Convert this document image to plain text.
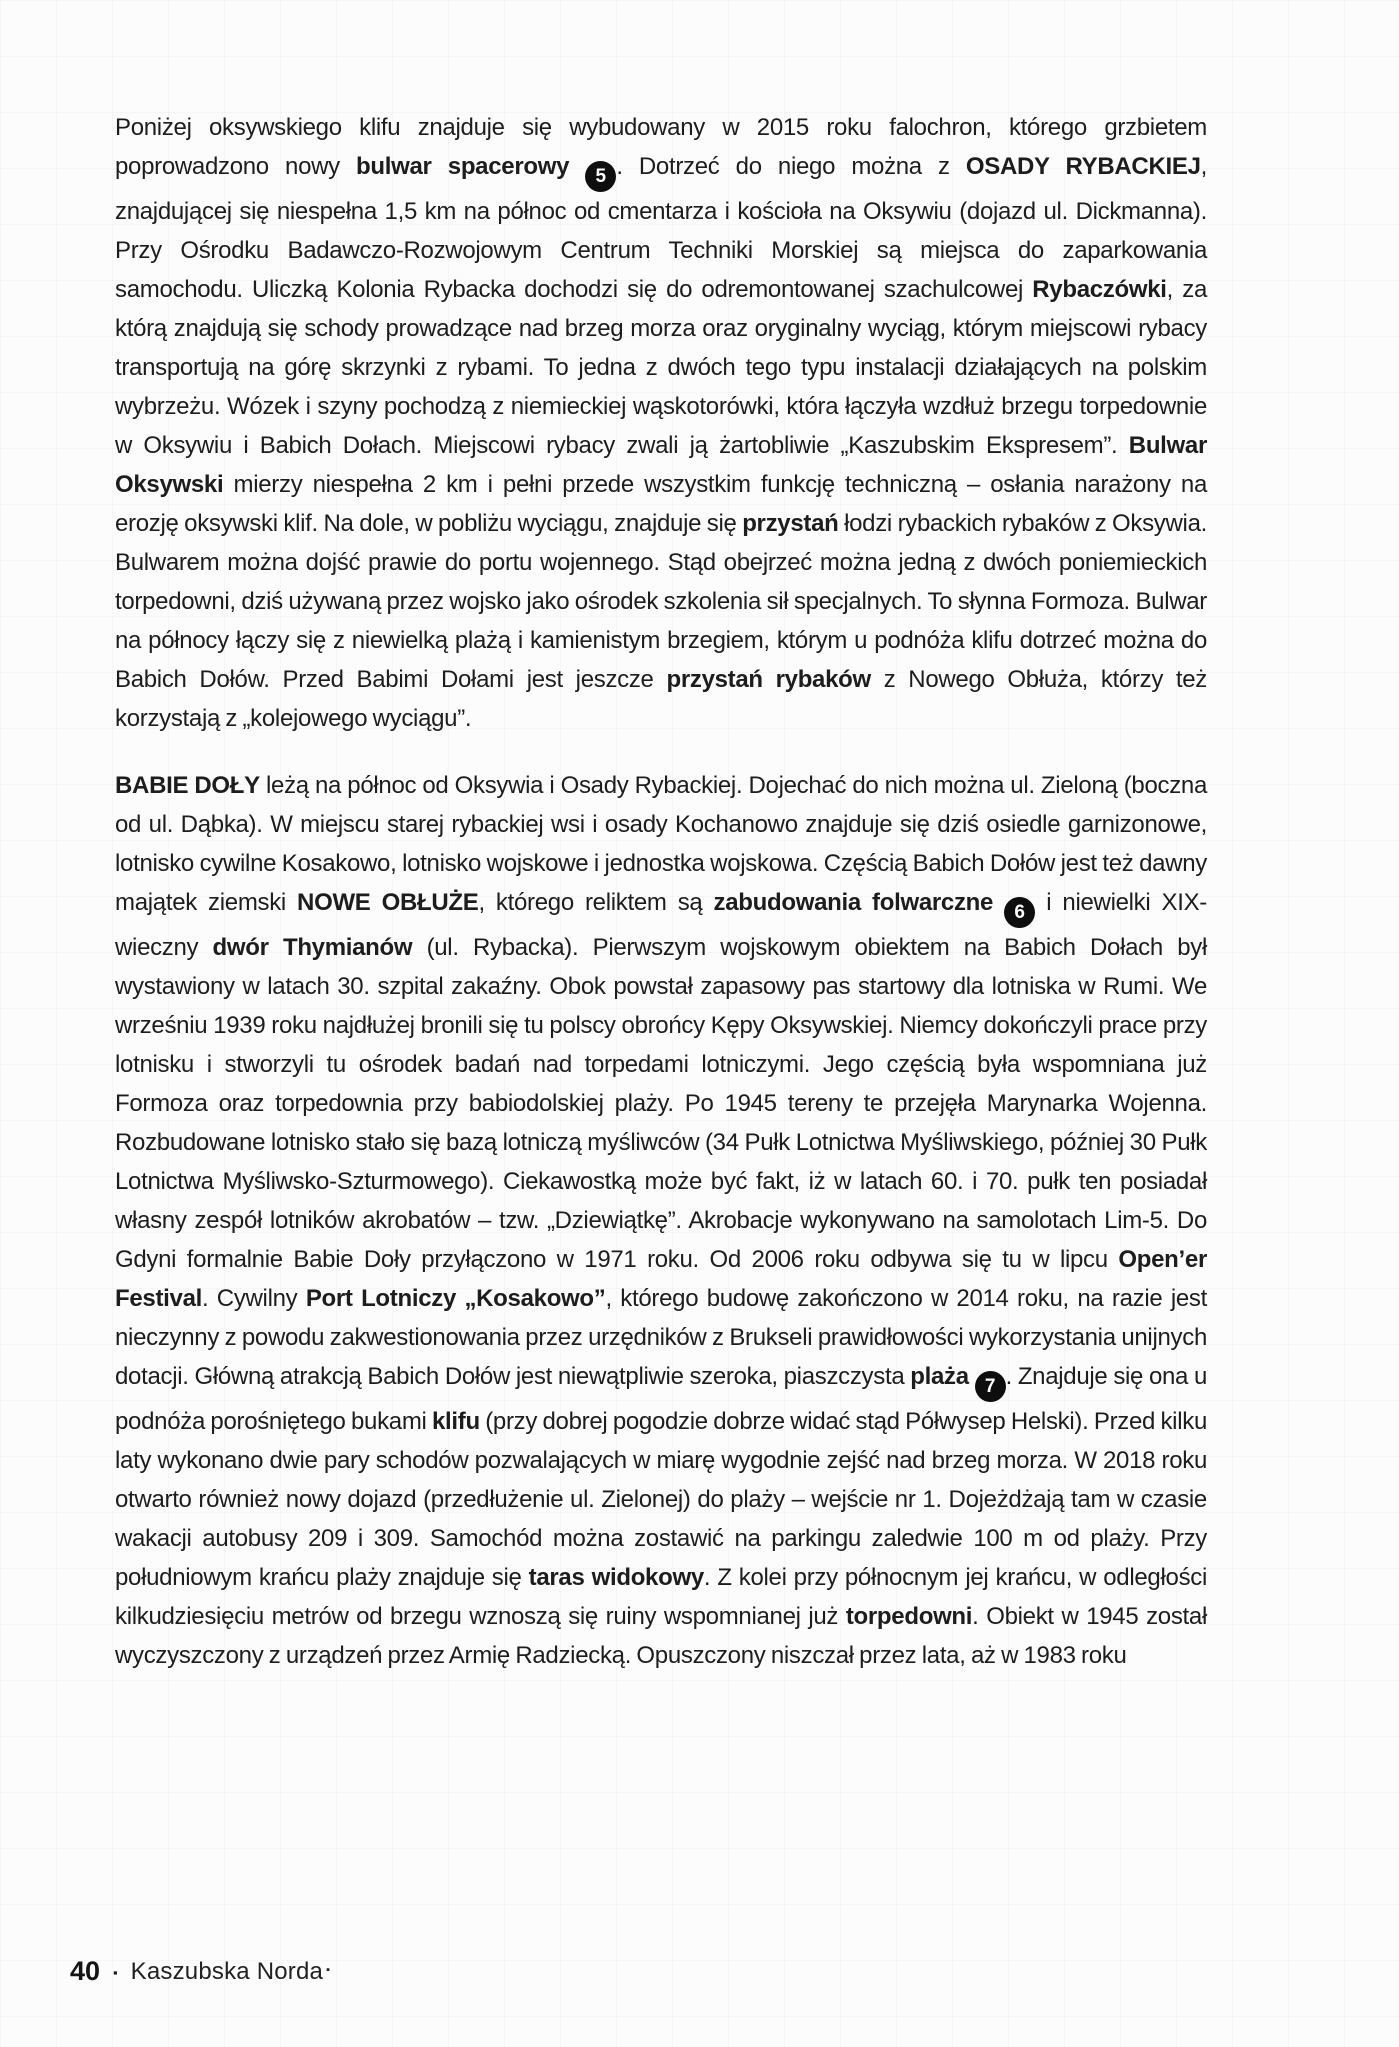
Poniżej oksywskiego klifu znajduje się wybudowany w 2015 roku falochron, którego grzbietem poprowadzono nowy bulwar spacerowy 5 . Dotrzeć do niego można z OSADY RYBACKIEJ, znajdującej się niespełna 1,5 km na północ od cmentarza i kościoła na Oksywiu (dojazd ul. Dickmanna). Przy Ośrodku Badawczo-Rozwojowym Centrum Techniki Morskiej są miejsca do zaparkowania samochodu. Uliczką Kolonia Rybacka dochodzi się do odremontowanej szachulcowej Rybaczówki, za którą znajdują się schody prowadzące nad brzeg morza oraz oryginalny wyciąg, którym miejscowi rybacy transportują na górę skrzynki z rybami. To jedna z dwóch tego typu instalacji działających na polskim wybrzeżu. Wózek i szyny pochodzą z niemieckiej wąskotorówki, która łączyła wzdłuż brzegu torpedownie w Oksywiu i Babich Dołach. Miejscowi rybacy zwali ją żartobliwie „Kaszubskim Ekspresem”. Bulwar Oksywski mierzy niespełna 2 km i pełni przede wszystkim funkcję techniczną – osłania narażony na erozję oksywski klif. Na dole, w pobliżu wyciągu, znajduje się przystań łodzi rybackich rybaków z Oksywia. Bulwarem można dojść prawie do portu wojennego. Stąd obejrzeć można jedną z dwóch poniemieckich torpedowni, dziś używaną przez wojsko jako ośrodek szkolenia sił specjalnych. To słynna Formoza. Bulwar na północy łączy się z niewielką plażą i kamienistym brzegiem, którym u podnóża klifu dotrzeć można do Babich Dołów. Przed Babimi Dołami jest jeszcze przystań rybaków z Nowego Obłuża, którzy też korzystają z „kolejowego wyciągu”.

BABIE DOŁY leżą na północ od Oksywia i Osady Rybackiej. Dojechać do nich można ul. Zieloną (boczna od ul. Dąbka). W miejscu starej rybackiej wsi i osady Kochanowo znajduje się dziś osiedle garnizonowe, lotnisko cywilne Kosakowo, lotnisko wojskowe i jednostka wojskowa. Częścią Babich Dołów jest też dawny majątek ziemski NOWE OBŁUŻE, którego reliktem są zabudowania folwarczne 6 i niewielki XIX-wieczny dwór Thymianów (ul. Rybacka). Pierwszym wojskowym obiektem na Babich Dołach był wystawiony w latach 30. szpital zakaźny. Obok powstał zapasowy pas startowy dla lotniska w Rumi. We wrześniu 1939 roku najdłużej bronili się tu polscy obrońcy Kępy Oksywskiej. Niemcy dokończyli prace przy lotnisku i stworzyli tu ośrodek badań nad torpedami lotniczymi. Jego częścią była wspomniana już Formoza oraz torpedownia przy babiodolskiej plaży. Po 1945 tereny te przejęła Marynarka Wojenna. Rozbudowane lotnisko stało się bazą lotniczą myśliwców (34 Pułk Lotnictwa Myśliwskiego, później 30 Pułk Lotnictwa Myśliwsko-Szturmowego). Ciekawostką może być fakt, iż w latach 60. i 70. pułk ten posiadał własny zespół lotników akrobatów – tzw. „Dziewiątkę”. Akrobacje wykonywano na samolotach Lim-5. Do Gdyni formalnie Babie Doły przyłączono w 1971 roku. Od 2006 roku odbywa się tu w lipcu Open’er Festival. Cywilny Port Lotniczy „Kosakowo”, którego budowę zakończono w 2014 roku, na razie jest nieczynny z powodu zakwestionowania przez urzędników z Brukseli prawidłowości wykorzystania unijnych dotacji. Główną atrakcją Babich Dołów jest niewątpliwie szeroka, piaszczysta plaża 7 . Znajduje się ona u podnóża porośniętego bukami klifu (przy dobrej pogodzie dobrze widać stąd Półwysep Helski). Przed kilku laty wykonano dwie pary schodów pozwalających w miarę wygodnie zejść nad brzeg morza. W 2018 roku otwarto również nowy dojazd (przedłużenie ul. Zielonej) do plaży – wejście nr 1. Dojeżdżają tam w czasie wakacji autobusy 209 i 309. Samochód można zostawić na parkingu zaledwie 100 m od plaży. Przy południowym krańcu plaży znajduje się taras widokowy. Z kolei przy północnym jej krańcu, w odległości kilkudziesięciu metrów od brzegu wznoszą się ruiny wspomnianej już torpedowni. Obiekt w 1945 został wyczyszczony z urządzeń przez Armię Radziecką. Opuszczony niszczał przez lata, aż w 1983 roku

40 ▪ Kaszubska Norda ▪
